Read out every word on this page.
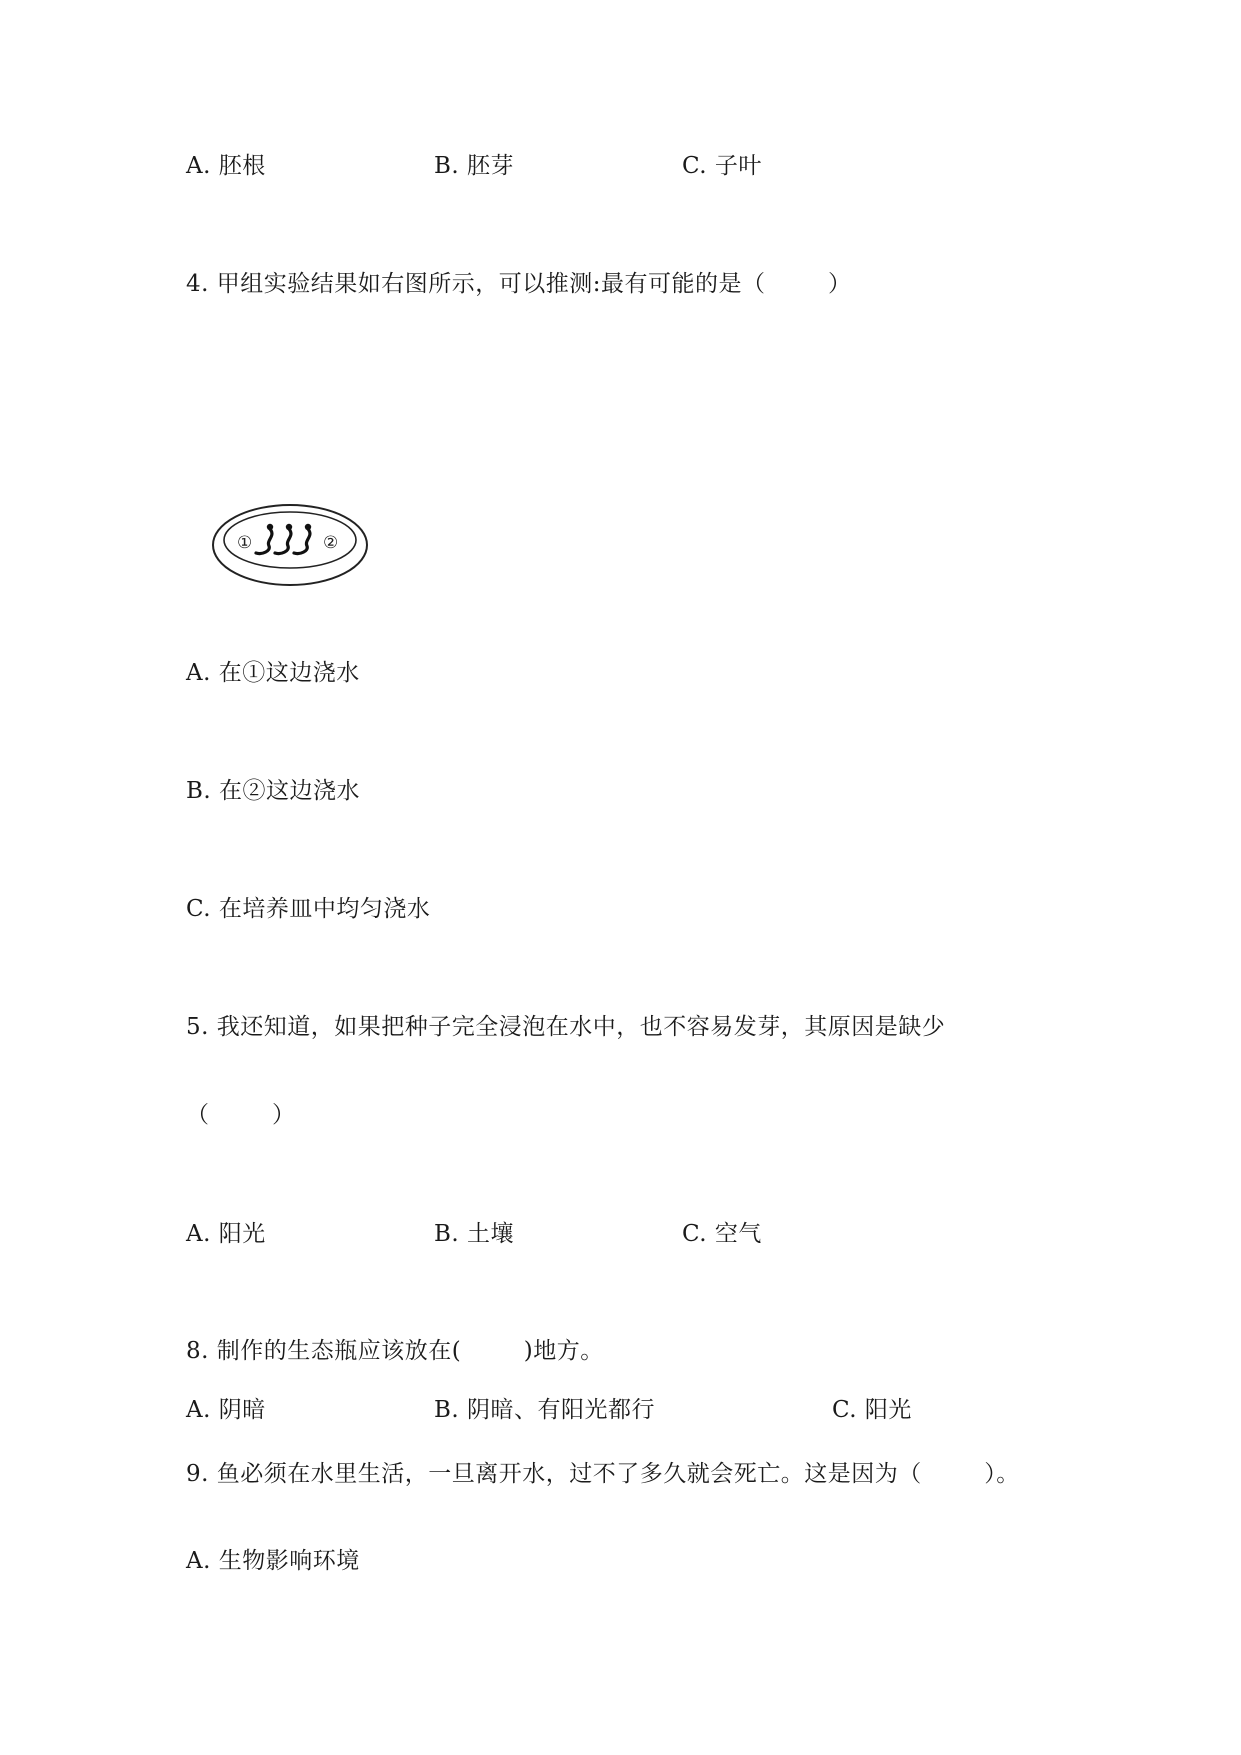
A. 胚根	B. 胚芽	C. 子叶
4. 甲组实验结果如右图所示，可以推测:最有可能的是（        ）
①	②
A. 在①这边浇水
B. 在②这边浇水
C. 在培养皿中均匀浇水
5. 我还知道，如果把种子完全浸泡在水中，也不容易发芽，其原因是缺少
（        ）
A. 阳光	B. 土壤	C. 空气
8. 制作的生态瓶应该放在(        )地方。
A. 阴暗	B. 阴暗、有阳光都行	C. 阳光
9. 鱼必须在水里生活，一旦离开水，过不了多久就会死亡。这是因为（        ）。
A. 生物影响环境
